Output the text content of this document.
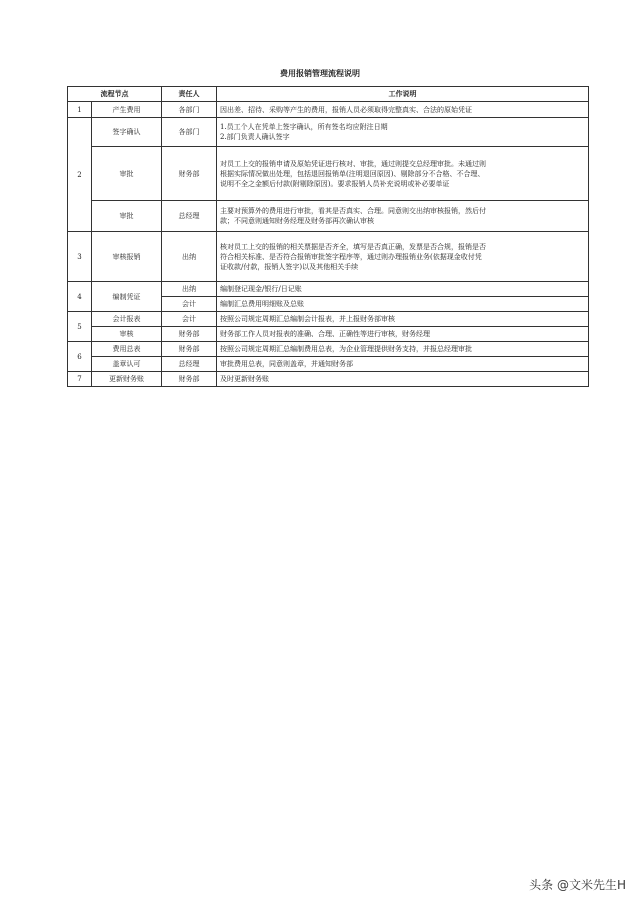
费用报销管理流程说明
流程节点		责任人	工作说明
1	产生费用	各部门	因出差、招待、采购等产生的费用，报销人员必须取得完整真实、合法的原始凭证

2	签字确认	各部门	1.员工个人在凭单上签字确认，所有签名均应附注日期
2.部门负责人确认签字

	审批	财务部	对员工上交的报销申请及原始凭证进行核对、审批，通过则提交总经理审批。未通过则
根据实际情况做出处理，包括退回报销单(注明退回原因)、剔除部分不合格、不合理、
说明不全之金额后付款(附剔除原因)。要求报销人员补充说明或补必要单证

	审批	总经理	主要对预算外的费用进行审批，看其是否真实、合理。同意则交出纳审核报销，然后付
款；不同意则通知财务经理及财务部再次确认审核

3	审核报销	出纳	核对员工上交的报销的相关票据是否齐全，填写是否真正确，发票是否合规，报销是否
符合相关标准、是否符合报销审批签字程序等，通过则办理报销业务(依据现金收付凭
证收款/付款，报销人签字)以及其他相关手续

4	编制凭证	出纳	编制登记现金/银行/日记账

		会计	编制汇总费用明细账及总账

5	会计报表	会计	按照公司规定周期汇总编制会计报表，并上报财务部审核

	审核	财务部	财务部工作人员对报表的准确、合理、正确性等进行审核，财务经理

6	费用总表	财务部	按照公司规定周期汇总编制费用总表，为企业管理提供财务支持，并报总经理审批

	盖章认可	总经理	审批费用总表，同意则盖章，并通知财务部

7	更新财务账	财务部	及时更新财务账
头条 @文米先生H
